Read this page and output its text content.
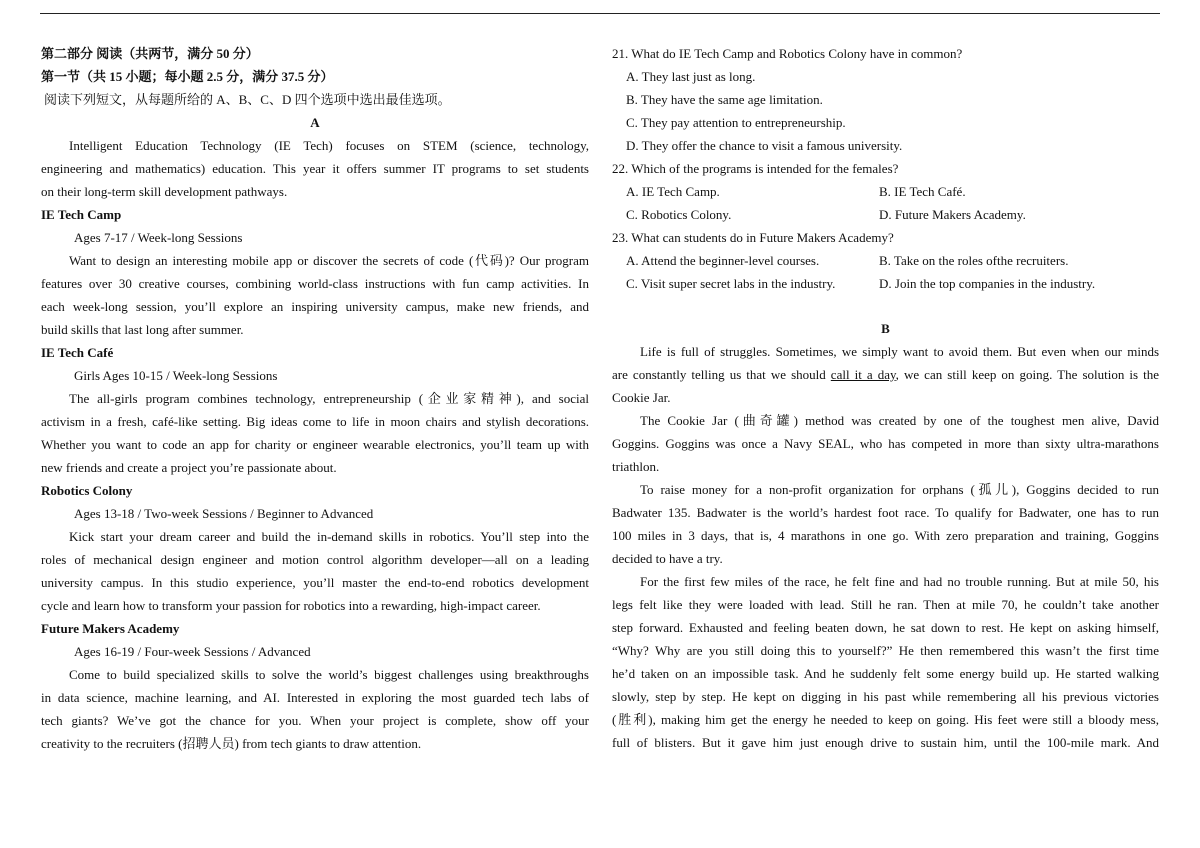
第二部分 阅读（共两节，满分 50 分）
第一节（共 15 小题；每小题 2.5 分，满分 37.5 分）
阅读下列短文，从每题所给的 A、B、C、D 四个选项中选出最佳选项。
A
Intelligent Education Technology (IE Tech) focuses on STEM (science, technology,
engineering and mathematics) education. This year it offers summer IT programs to set students
on their long-term skill development pathways.
IE Tech Camp
Ages 7-17 / Week-long Sessions
Want to design an interesting mobile app or discover the secrets of code (代码)? Our program
features over 30 creative courses, combining world-class instructions with fun camp activities. In
each week-long session, you’ll explore an inspiring university campus, make new friends, and
build skills that last long after summer.
IE Tech Café
Girls Ages 10-15 / Week-long Sessions
The all-girls program combines technology, entrepreneurship (企业家精神), and social
activism in a fresh, café-like setting. Big ideas come to life in moon chairs and stylish decorations.
Whether you want to code an app for charity or engineer wearable electronics, you’ll team up with
new friends and create a project you’re passionate about.
Robotics Colony
Ages 13-18 / Two-week Sessions / Beginner to Advanced
Kick start your dream career and build the in-demand skills in robotics. You’ll step into the
roles of mechanical design engineer and motion control algorithm developer—all on a leading
university campus. In this studio experience, you’ll master the end-to-end robotics development
cycle and learn how to transform your passion for robotics into a rewarding, high-impact career.
Future Makers Academy
Ages 16-19 / Four-week Sessions / Advanced
Come to build specialized skills to solve the world’s biggest challenges using breakthroughs
in data science, machine learning, and AI. Interested in exploring the most guarded tech labs of
tech giants? We’ve got the chance for you. When your project is complete, show off your
creativity to the recruiters (招聘人员) from tech giants to draw attention.
21. What do IE Tech Camp and Robotics Colony have in common?
A. They last just as long.
B. They have the same age limitation.
C. They pay attention to entrepreneurship.
D. They offer the chance to visit a famous university.
22. Which of the programs is intended for the females?
A. IE Tech Camp.	B. IE Tech Café.
C. Robotics Colony.	D. Future Makers Academy.
23. What can students do in Future Makers Academy?
A. Attend the beginner-level courses.	B. Take on the roles ofthe recruiters.
C. Visit super secret labs in the industry.	D. Join the top companies in the industry.
B
Life is full of struggles. Sometimes, we simply want to avoid them. But even when our minds
are constantly telling us that we should call it a day, we can still keep on going. The solution is the
Cookie Jar.
The Cookie Jar (曲奇罐) method was created by one of the toughest men alive, David
Goggins. Goggins was once a Navy SEAL, who has competed in more than sixty ultra-marathons
triathlon.
To raise money for a non-profit organization for orphans (孤儿), Goggins decided to run
Badwater 135. Badwater is the world’s hardest foot race. To qualify for Badwater, one has to run
100 miles in 3 days, that is, 4 marathons in one go. With zero preparation and training, Goggins
decided to have a try.
For the first few miles of the race, he felt fine and had no trouble running. But at mile 50, his
legs felt like they were loaded with lead. Still he ran. Then at mile 70, he couldn’t take another
step forward. Exhausted and feeling beaten down, he sat down to rest. He kept on asking himself,
“Why? Why are you still doing this to yourself?” He then remembered this wasn’t the first time
he’d taken on an impossible task. And he suddenly felt some energy build up. He started walking
slowly, step by step. He kept on digging in his past while remembering all his previous victories
(胜利), making him get the energy he needed to keep on going. His feet were still a bloody mess,
full of blisters. But it gave him just enough drive to sustain him, until the 100-mile mark. And
